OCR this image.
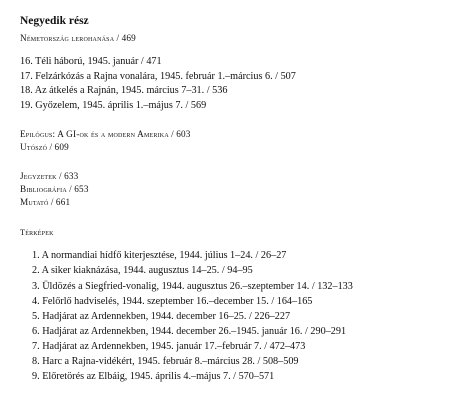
Negyedik rész
Németország lerohanása / 469
16. Téli háború, 1945. január / 471
17. Felzárkózás a Rajna vonalára, 1945. február 1.–március 6. / 507
18. Az átkelés a Rajnán, 1945. március 7–31. / 536
19. Győzelem, 1945. április 1.–május 7. / 569
Epilógus: A GI-ok és a modern Amerika / 603
Utószó / 609
Jegyzetek / 633
Bibliográfia / 653
Mutató / 661
Térképek
1. A normandiai hídfő kiterjesztése, 1944. július 1–24. / 26–27
2. A siker kiaknázása, 1944. augusztus 14–25. / 94–95
3. Üldözés a Siegfried-vonalig, 1944. augusztus 26.–szeptember 14. / 132–133
4. Felőrlő hadviselés, 1944. szeptember 16.–december 15. / 164–165
5. Hadjárat az Ardennekben, 1944. december 16–25. / 226–227
6. Hadjárat az Ardennekben, 1944. december 26.–1945. január 16. / 290–291
7. Hadjárat az Ardennekben, 1945. január 17.–február 7. / 472–473
8. Harc a Rajna-vidékért, 1945. február 8.–március 28. / 508–509
9. Előretörés az Elbáig, 1945. április 4.–május 7. / 570–571
